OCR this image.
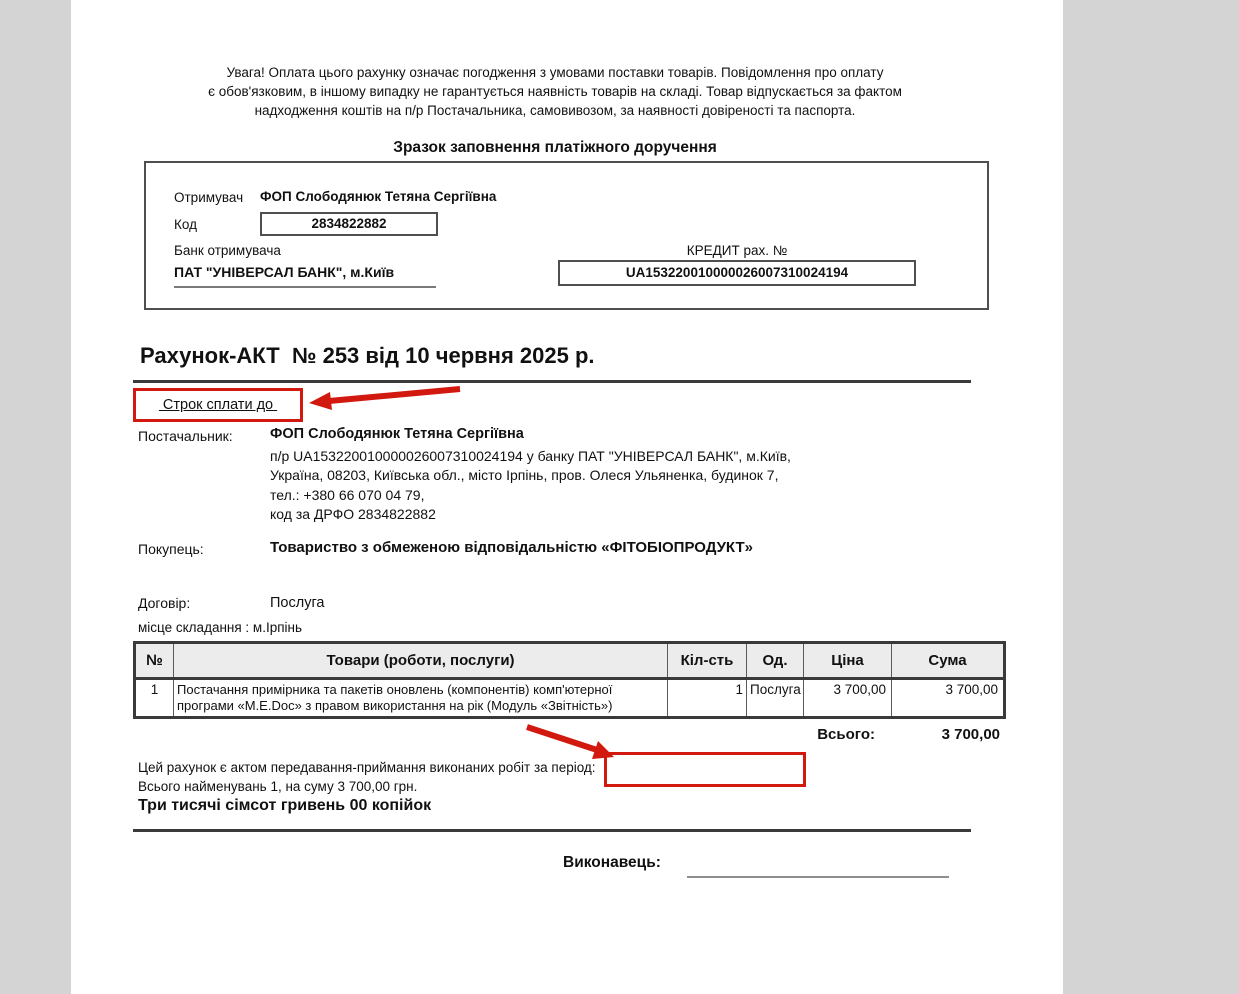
Увага! Оплата цього рахунку означає погодження з умовами поставки товарів. Повідомлення про оплату
є обов'язковим, в іншому випадку не гарантується наявність товарів на складі. Товар відпускається за фактом
надходження коштів на п/р Постачальника, самовивозом, за наявності довіреності та паспорта.
Зразок заповнення платіжного доручення
Отримувач ФОП Слободянюк Тетяна Сергіївна
Код	2834822882
Банк отримувача	КРЕДИТ рах. №
ПАТ "УНІВЕРСАЛ БАНК", м.Київ	UA153220010000026007310024194
Рахунок-АКТ  № 253 від 10 червня 2025 р.
Строк сплати до
Постачальник:	ФОП Слободянюк Тетяна Сергіївна
п/р UA153220010000026007310024194 у банку ПАТ "УНІВЕРСАЛ БАНК", м.Київ,
Україна, 08203, Київська обл., місто Ірпінь, пров. Олеся Ульяненка, будинок 7,
тел.: +380 66 070 04 79,
код за ДРФО 2834822882
Покупець:	Товариство з обмеженою відповідальністю «ФІТОБІОПРОДУКТ»
Договір:	Послуга
місце складання : м.Ірпінь
№	Товари (роботи, послуги)	Кіл-сть	Од.	Ціна	Сума
1	Постачання примірника та пакетів оновлень (компонентів) комп'ютерної програми «M.E.Doc» з правом використання на рік (Модуль «Звітність»)	1	Послуга	3 700,00	3 700,00
Всього:	3 700,00
Цей рахунок є актом передавання-приймання виконаних робіт за період:
Всього найменувань 1, на суму 3 700,00 грн.
Три тисячі сімсот гривень 00 копійок
Виконавець:
